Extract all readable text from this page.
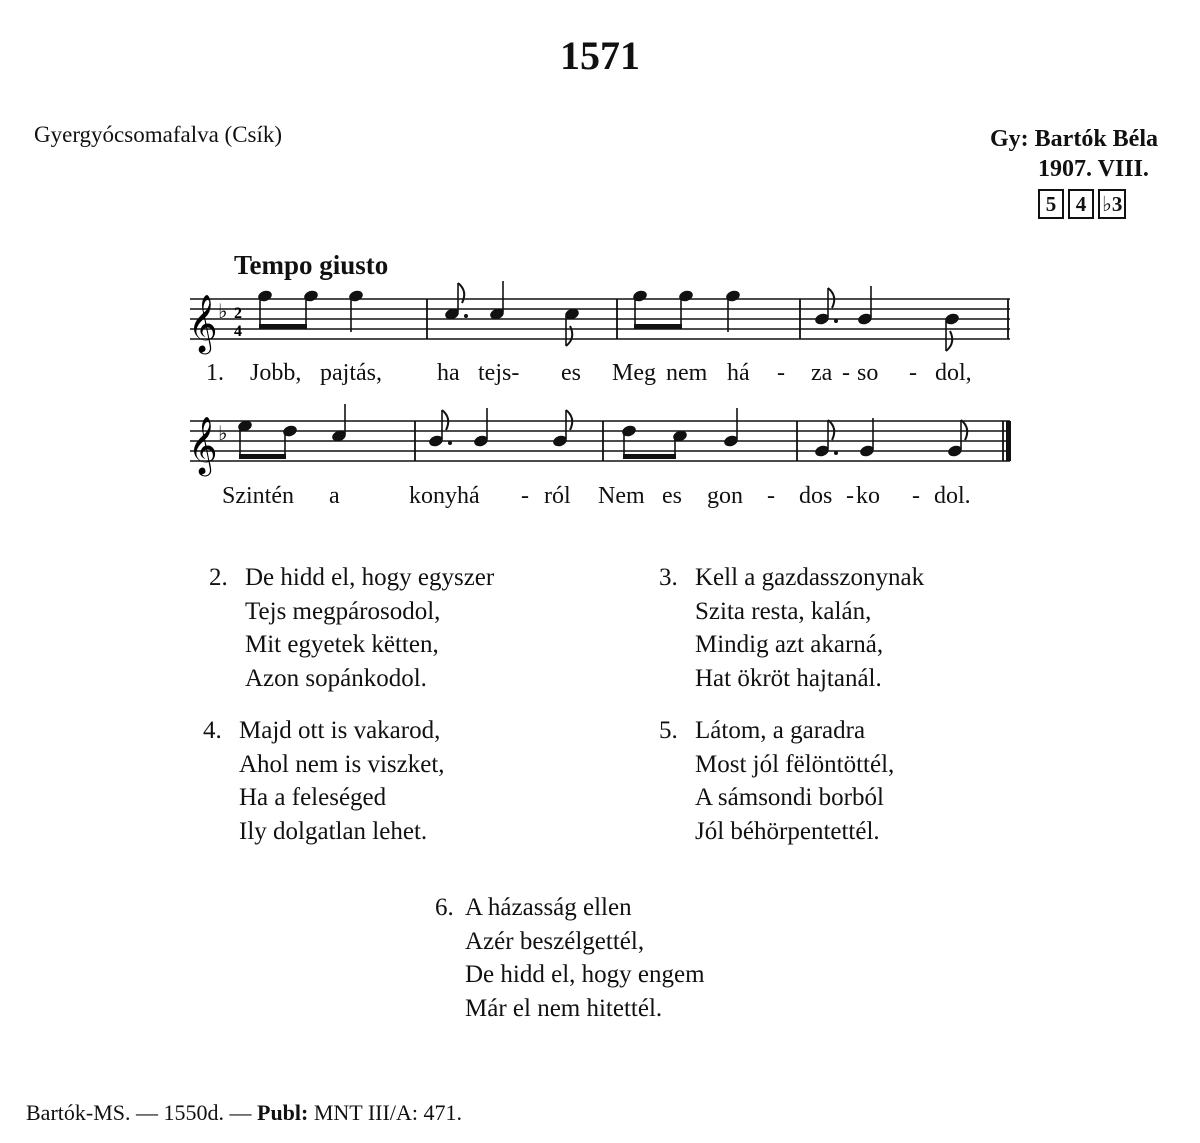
1571
Gyergyócsomafalva (Csík)	Gy: Bartók Béla
1907. VIII.
5 4 ♭3
Tempo giusto
𝄞 ♭ 2
4
𝄞 ♭
1. Jobb, pajtás, ha tejs- es Meg nem há - za - so - dol,
Szintén a	konyhá - ról Nem es gon - dos - ko - dol.
2. De hidd el, hogy egyszer
Tejs megpárosodol,
Mit egyetek këtten,
Azon sopánkodol.
3. Kell a gazdasszonynak
Szita resta, kalán,
Mindig azt akarná,
Hat ökröt hajtanál.
4. Majd ott is vakarod,
Ahol nem is viszket,
Ha a feleséged
Ily dolgatlan lehet.
5. Látom, a garadra
Most jól fëlöntöttél,
A sámsondi borból
Jól béhörpentettél.
6. A házasság ellen
Azér beszélgettél,
De hidd el, hogy engem
Már el nem hitettél.
Bartók-MS. — 1550d. — Publ: MNT III/A: 471.
